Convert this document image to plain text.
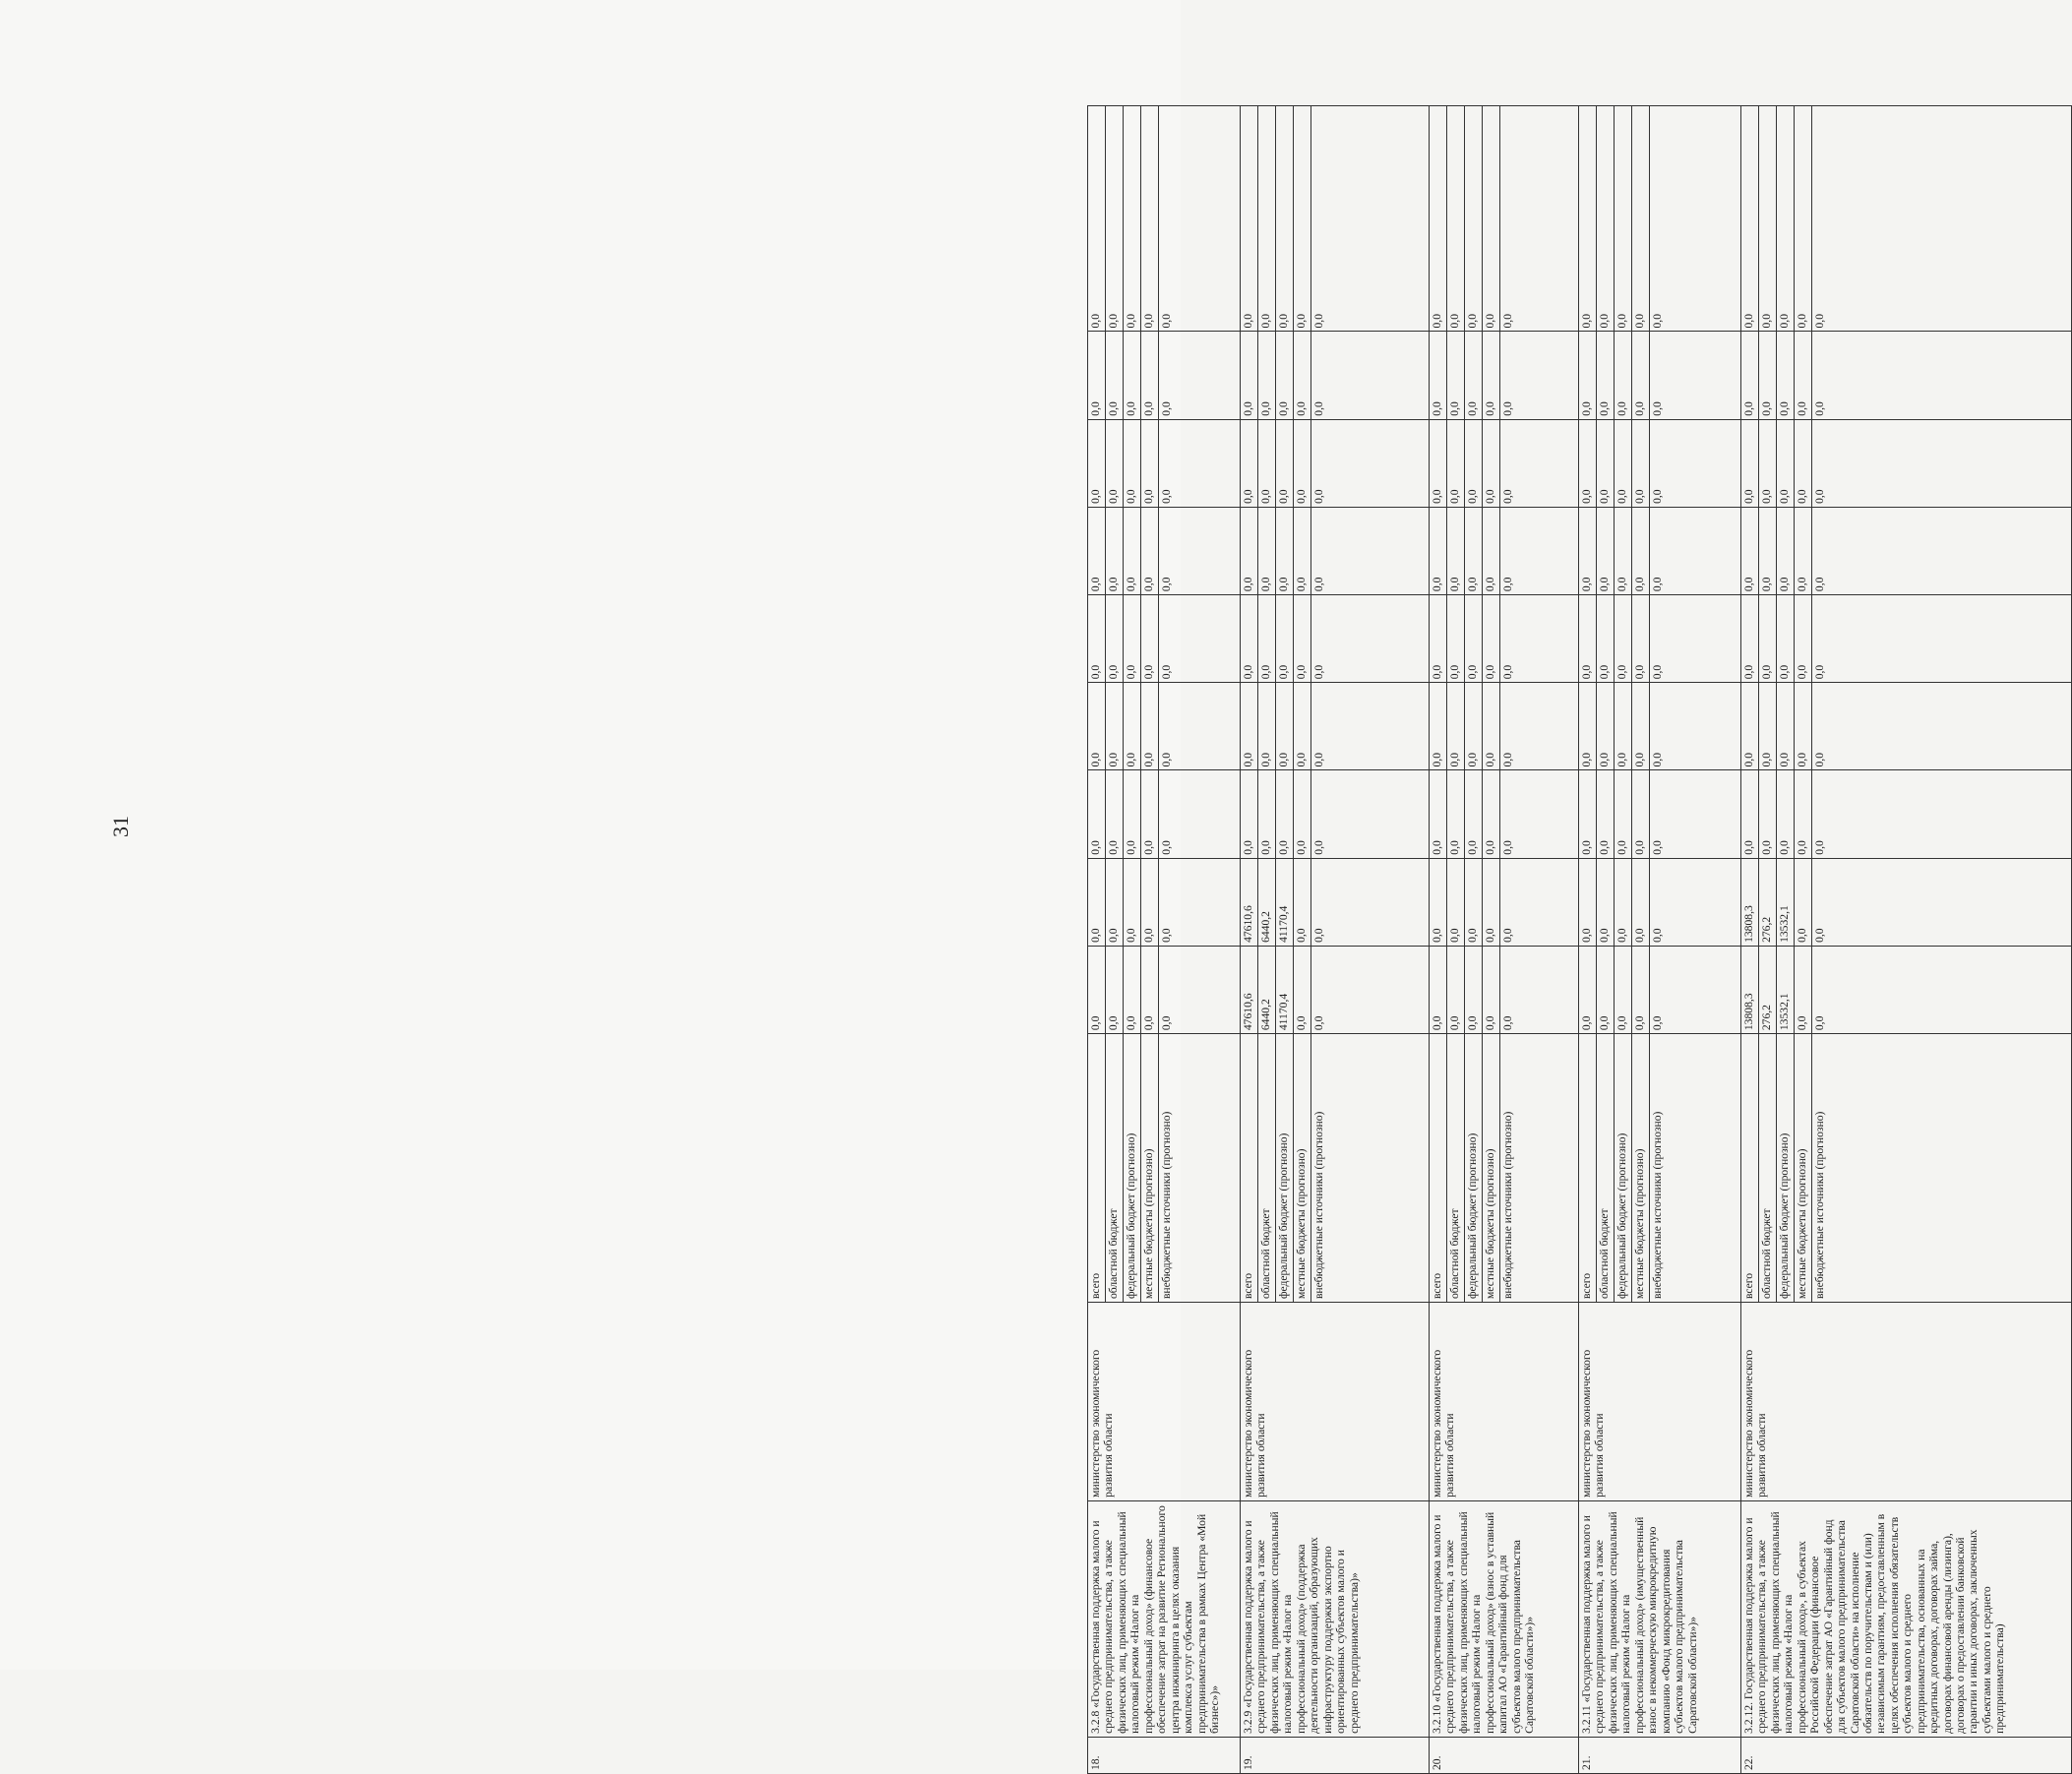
31
18.	3.2.8 «Государственная поддержка малого и среднего предпринимательства, а также физических лиц, применяющих специальный налоговый режим «Налог на профессиональный доход» (финансовое обеспечение затрат на развитие Регионального центра инжиниринга в целях оказания комплекса услуг субъектам предпринимательства в рамках Центра «Мой бизнес»)»	министерство экономического развития области	всего	0,0	0,0	0,0	0,0	0,0	0,0	0,0	0,0	0,0
			областной бюджет	0,0	0,0	0,0	0,0	0,0	0,0	0,0	0,0	0,0
			федеральный бюджет (прогнозно)	0,0	0,0	0,0	0,0	0,0	0,0	0,0	0,0	0,0
			местные бюджеты (прогнозно)	0,0	0,0	0,0	0,0	0,0	0,0	0,0	0,0	0,0
			внебюджетные источники (прогнозно)	0,0	0,0	0,0	0,0	0,0	0,0	0,0	0,0	0,0
19.	3.2.9 «Государственная поддержка малого и среднего предпринимательства, а также физических лиц, применяющих специальный налоговый режим «Налог на профессиональный доход» (поддержка деятельности организаций, образующих инфраструктуру поддержки экспортно ориентированных субъектов малого и среднего предпринимательства)»	министерство экономического развития области	всего	47610,6	47610,6	0,0	0,0	0,0	0,0	0,0	0,0	0,0
			областной бюджет	6440,2	6440,2	0,0	0,0	0,0	0,0	0,0	0,0	0,0
			федеральный бюджет (прогнозно)	41170,4	41170,4	0,0	0,0	0,0	0,0	0,0	0,0	0,0
			местные бюджеты (прогнозно)	0,0	0,0	0,0	0,0	0,0	0,0	0,0	0,0	0,0
			внебюджетные источники (прогнозно)	0,0	0,0	0,0	0,0	0,0	0,0	0,0	0,0	0,0
20.	3.2.10 «Государственная поддержка малого и среднего предпринимательства, а также физических лиц, применяющих специальный налоговый режим «Налог на профессиональный доход» (взнос в уставный капитал АО «Гарантийный фонд для субъектов малого предпринимательства Саратовской области»)»	министерство экономического развития области	всего	0,0	0,0	0,0	0,0	0,0	0,0	0,0	0,0	0,0
			областной бюджет	0,0	0,0	0,0	0,0	0,0	0,0	0,0	0,0	0,0
			федеральный бюджет (прогнозно)	0,0	0,0	0,0	0,0	0,0	0,0	0,0	0,0	0,0
			местные бюджеты (прогнозно)	0,0	0,0	0,0	0,0	0,0	0,0	0,0	0,0	0,0
			внебюджетные источники (прогнозно)	0,0	0,0	0,0	0,0	0,0	0,0	0,0	0,0	0,0
21.	3.2.11 «Государственная поддержка малого и среднего предпринимательства, а также физических лиц, применяющих специальный налоговый режим «Налог на профессиональный доход» (имущественный взнос в некоммерческую микрокредитную компанию «Фонд микрокредитования субъектов малого предпринимательства Саратовской области»)»	министерство экономического развития области	всего	0,0	0,0	0,0	0,0	0,0	0,0	0,0	0,0	0,0
			областной бюджет	0,0	0,0	0,0	0,0	0,0	0,0	0,0	0,0	0,0
			федеральный бюджет (прогнозно)	0,0	0,0	0,0	0,0	0,0	0,0	0,0	0,0	0,0
			местные бюджеты (прогнозно)	0,0	0,0	0,0	0,0	0,0	0,0	0,0	0,0	0,0
			внебюджетные источники (прогнозно)	0,0	0,0	0,0	0,0	0,0	0,0	0,0	0,0	0,0
22.	3.2.12. Государственная поддержка малого и среднего предпринимательства, а также физических лиц, применяющих специальный налоговый режим «Налог на профессиональный доход», в субъектах Российской Федерации (финансовое обеспечение затрат АО «Гарантийный фонд для субъектов малого предпринимательства Саратовской области» на исполнение обязательств по поручительствам и (или) независимым гарантиям, предоставленным в целях обеспечения исполнения обязательств субъектов малого и среднего предпринимательства, основанных на кредитных договорах, договорах займа, договорах финансовой аренды (лизинга), договорах о предоставлении банковской гарантии и иных договорах, заключенных субъектами малого и среднего предпринимательства)	министерство экономического развития области	всего	13808,3	13808,3	0,0	0,0	0,0	0,0	0,0	0,0	0,0
			областной бюджет	276,2	276,2	0,0	0,0	0,0	0,0	0,0	0,0	0,0
			федеральный бюджет (прогнозно)	13532,1	13532,1	0,0	0,0	0,0	0,0	0,0	0,0	0,0
			местные бюджеты (прогнозно)	0,0	0,0	0,0	0,0	0,0	0,0	0,0	0,0	0,0
			внебюджетные источники (прогнозно)	0,0	0,0	0,0	0,0	0,0	0,0	0,0	0,0	0,0
